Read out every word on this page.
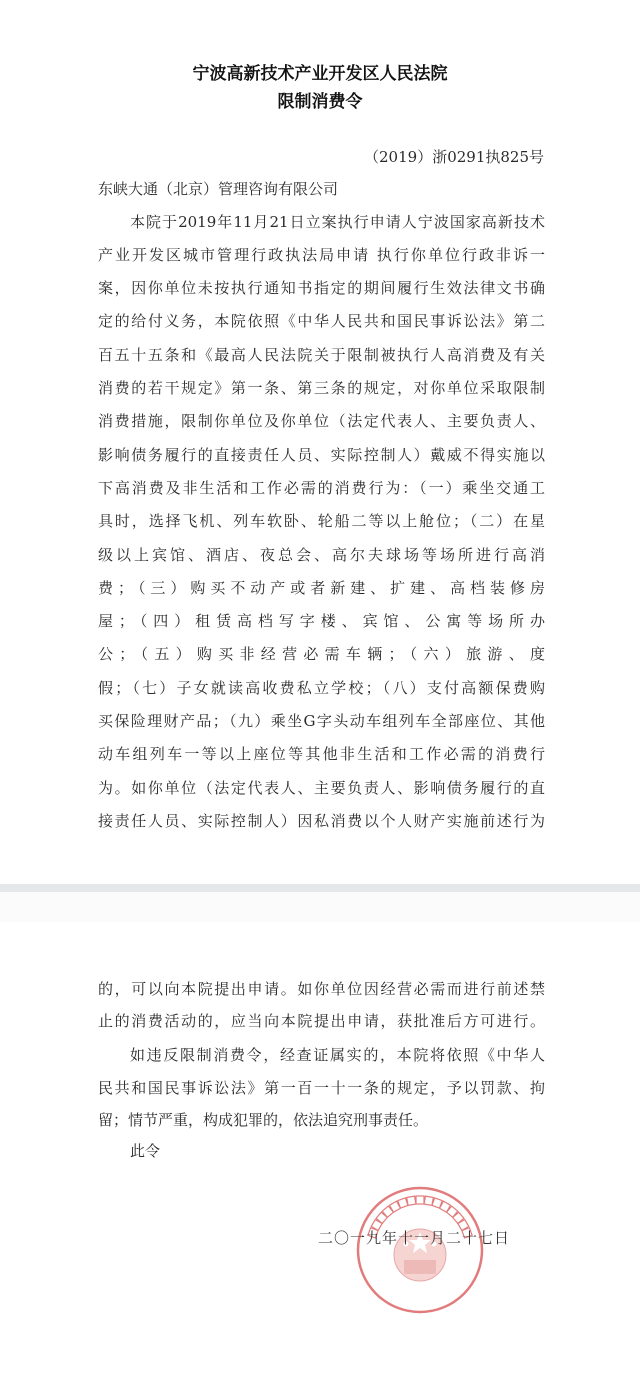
宁波高新技术产业开发区人民法院
限制消费令
（2019）浙0291执825号
东峡大通（北京）管理咨询有限公司
本院于2019年11月21日立案执行申请人宁波国家高新技术
产业开发区城市管理行政执法局申请 执行你单位行政非诉一
案，因你单位未按执行通知书指定的期间履行生效法律文书确
定的给付义务，本院依照《中华人民共和国民事诉讼法》第二
百五十五条和《最高人民法院关于限制被执行人高消费及有关
消费的若干规定》第一条、第三条的规定，对你单位采取限制
消费措施，限制你单位及你单位（法定代表人、主要负责人、
影响债务履行的直接责任人员、实际控制人）戴威不得实施以
下高消费及非生活和工作必需的消费行为：（一）乘坐交通工
具时，选择飞机、列车软卧、轮船二等以上舱位；（二）在星
级以上宾馆、酒店、夜总会、高尔夫球场等场所进行高消
费；（三）购买不动产或者新建、扩建、高档装修房
屋；（四）租赁高档写字楼、宾馆、公寓等场所办
公；（五）购买非经营必需车辆；（六）旅游、度
假；（七）子女就读高收费私立学校；（八）支付高额保费购
买保险理财产品；（九）乘坐G字头动车组列车全部座位、其他
动车组列车一等以上座位等其他非生活和工作必需的消费行
为。如你单位（法定代表人、主要负责人、影响债务履行的直
接责任人员、实际控制人）因私消费以个人财产实施前述行为
的，可以向本院提出申请。如你单位因经营必需而进行前述禁
止的消费活动的，应当向本院提出申请，获批准后方可进行。
如违反限制消费令，经查证属实的，本院将依照《中华人
民共和国民事诉讼法》第一百一十一条的规定，予以罚款、拘
留；情节严重，构成犯罪的，依法追究刑事责任。
此令
二〇一九年十一月二十七日
